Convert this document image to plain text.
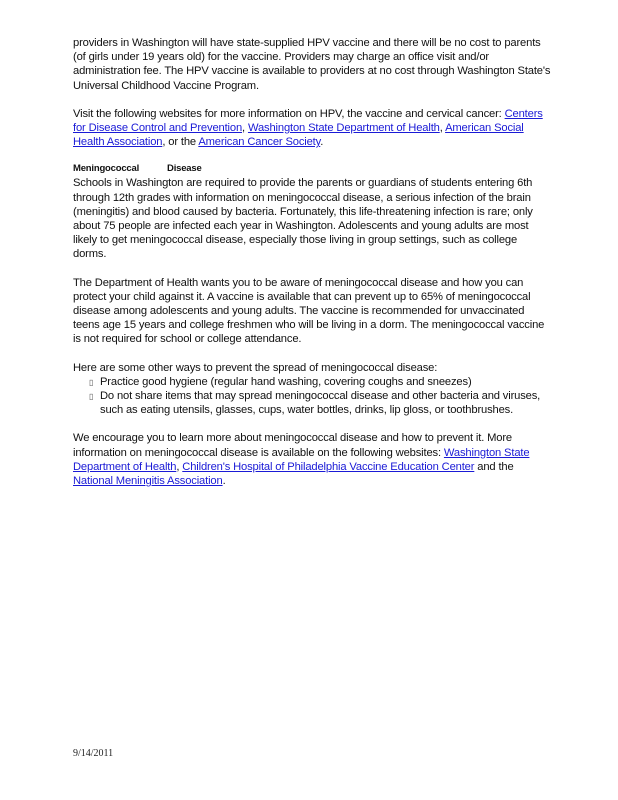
providers in Washington will have state-supplied HPV vaccine and there will be no cost to parents (of girls under 19 years old) for the vaccine. Providers may charge an office visit and/or administration fee. The HPV vaccine is available to providers at no cost through Washington State's Universal Childhood Vaccine Program.

Visit the following websites for more information on HPV, the vaccine and cervical cancer: Centers for Disease Control and Prevention, Washington State Department of Health, American Social Health Association, or the American Cancer Society.

Meningococcal	Disease

Schools in Washington are required to provide the parents or guardians of students entering 6th through 12th grades with information on meningococcal disease, a serious infection of the brain (meningitis) and blood caused by bacteria. Fortunately, this life-threatening infection is rare; only about 75 people are infected each year in Washington. Adolescents and young adults are most likely to get meningococcal disease, especially those living in group settings, such as college dorms.

The Department of Health wants you to be aware of meningococcal disease and how you can protect your child against it. A vaccine is available that can prevent up to 65% of meningococcal disease among adolescents and young adults. The vaccine is recommended for unvaccinated teens age 15 years and college freshmen who will be living in a dorm. The meningococcal vaccine is not required for school or college attendance.

Here are some other ways to prevent the spread of meningococcal disease:
▯ Practice good hygiene (regular hand washing, covering coughs and sneezes)
▯ Do not share items that may spread meningococcal disease and other bacteria and viruses, such as eating utensils, glasses, cups, water bottles, drinks, lip gloss, or toothbrushes.

We encourage you to learn more about meningococcal disease and how to prevent it. More information on meningococcal disease is available on the following websites: Washington State Department of Health, Children's Hospital of Philadelphia Vaccine Education Center and the National Meningitis Association.

9/14/2011
